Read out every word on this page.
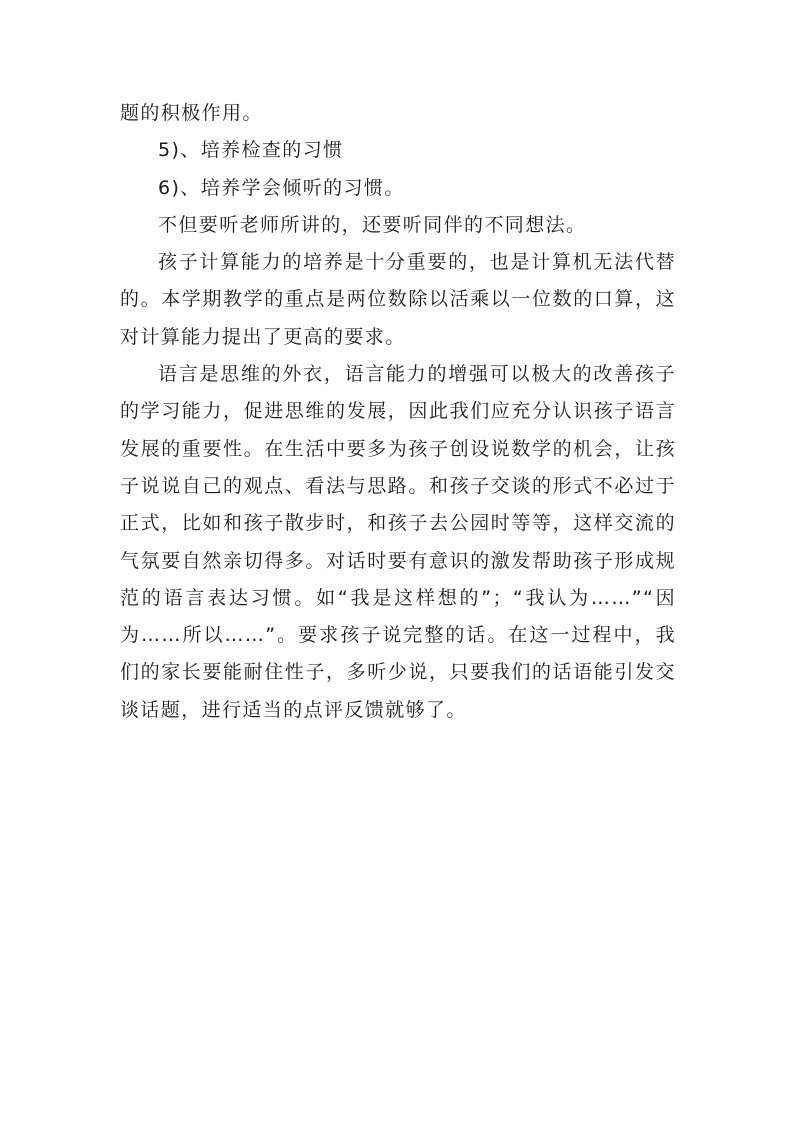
题的积极作用。

5)、培养检查的习惯

6)、培养学会倾听的习惯。

不但要听老师所讲的，还要听同伴的不同想法。

孩子计算能力的培养是十分重要的，也是计算机无法代替的。本学期教学的重点是两位数除以活乘以一位数的口算，这对计算能力提出了更高的要求。

语言是思维的外衣，语言能力的增强可以极大的改善孩子的学习能力，促进思维的发展，因此我们应充分认识孩子语言发展的重要性。在生活中要多为孩子创设说数学的机会，让孩子说说自己的观点、看法与思路。和孩子交谈的形式不必过于正式，比如和孩子散步时，和孩子去公园时等等，这样交流的气氛要自然亲切得多。对话时要有意识的激发帮助孩子形成规范的语言表达习惯。如“我是这样想的”；“我认为……”“因为……所以……”。要求孩子说完整的话。在这一过程中，我们的家长要能耐住性子，多听少说，只要我们的话语能引发交谈话题，进行适当的点评反馈就够了。
